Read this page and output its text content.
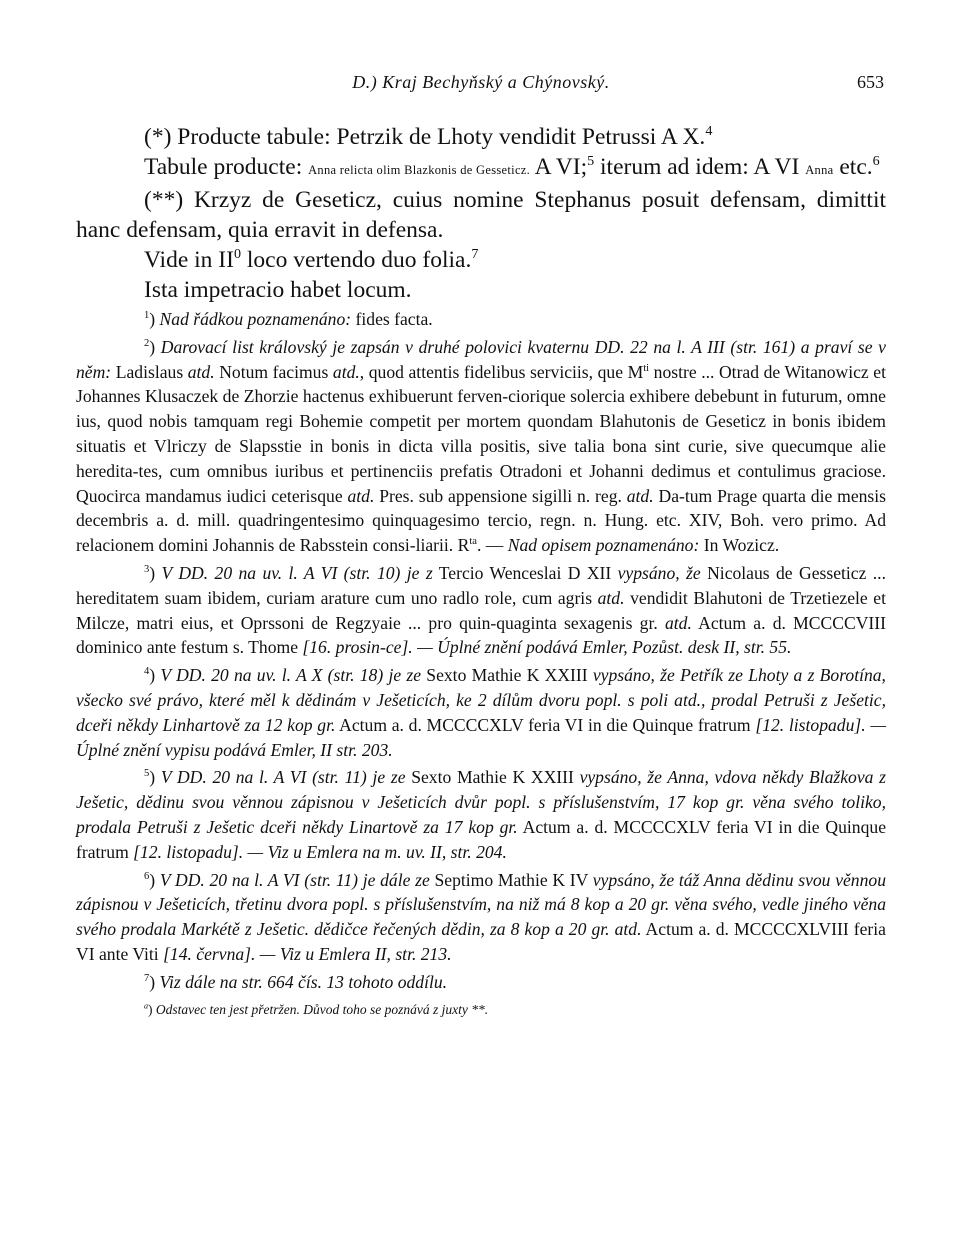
D.) Kraj Bechyňský a Chýnovský.	653

(*) Producte tabule: Petrzik de Lhoty vendidit Petrussi A X.$^4$

Tabule producte: Anna relicta olim Blazkonis de Gesseticz. A VI;$^5$ iterum ad idem: A VI Anna etc.$^6$

(**) Krzyz de Geseticz, cuius nomine Stephanus posuit defensam, dimittit hanc defensam, quia erravit in defensa.

Vide in $II^0$ loco vertendo duo folia.$^7$

Ista impetracio habet locum.

$^1$) Nad řádkou poznamenáno: fides facta.

$^2$) Darovací list královský je zapsán v druhé polovici kvaternu DD. 22 na l. A III (str. 161) a praví se v něm: Ladislaus atd. Notum facimus atd., quod attentis fidelibus serviciis, que $M^{ti}$ nostre ... Otrad de Witanowicz et Johannes Klusaczek de Zhorzie hactenus exhibuerunt ferven-ciorique solercia exhibere debebunt in futurum, omne ius, quod nobis tamquam regi Bohemie competit per mortem quondam Blahutonis de Geseticz in bonis ibidem situatis et Vlriczy de Slapsstie in bonis in dicta villa positis, sive talia bona sint curie, sive quecumque alie heredita-tes, cum omnibus iuribus et pertinenciis prefatis Otradoni et Johanni dedimus et contulimus graciose. Quocirca mandamus iudici ceterisque atd. Pres. sub appensione sigilli n. reg. atd. Da-tum Prage quarta die mensis decembris a. d. mill. quadringentesimo quinquagesimo tercio, regn. n. Hung. etc. XIV, Boh. vero primo. Ad relacionem domini Johannis de Rabsstein consi-liarii. $R^{ta}$. — Nad opisem poznamenáno: In Wozicz.

$^3$) V DD. 20 na uv. l. A VI (str. 10) je z Tercio Wenceslai D XII vypsáno, že Nicolaus de Gesseticz ... hereditatem suam ibidem, curiam arature cum uno radlo role, cum agris atd. vendidit Blahutoni de Trzetiezele et Milcze, matri eius, et Oprssoni de Regzyaie ... pro quin-quaginta sexagenis gr. atd. Actum a. d. MCCCCVIII dominico ante festum s. Thome [16. prosin-ce]. — Úplné znění podává Emler, Pozůst. desk II, str. 55.

$^4$) V DD. 20 na uv. l. A X (str. 18) je ze Sexto Mathie K XXIII vypsáno, že Petřík ze Lhoty a z Borotína, všecko své právo, které měl k dědinám v Ješeticích, ke 2 dílům dvoru popl. s poli atd., prodal Petruši z Ješetic, dceři někdy Linhartově za 12 kop gr. Actum a. d. MCCCCXLV feria VI in die Quinque fratrum [12. listopadu]. — Úplné znění vypisu podává Emler, II str. 203.

$^5$) V DD. 20 na l. A VI (str. 11) je ze Sexto Mathie K XXIII vypsáno, že Anna, vdova někdy Blažkova z Ješetic, dědinu svou věnnou zápisnou v Ješeticích dvůr popl. s příslušenstvím, 17 kop gr. věna svého toliko, prodala Petruši z Ješetic dceři někdy Linartově za 17 kop gr. Actum a. d. MCCCCXLV feria VI in die Quinque fratrum [12. listopadu]. — Viz u Emlera na m. uv. II, str. 204.

$^6$) V DD. 20 na l. A VI (str. 11) je dále ze Septimo Mathie K IV vypsáno, že táž Anna dědinu svou věnnou zápisnou v Ješeticích, třetinu dvora popl. s příslušenstvím, na niž má 8 kop a 20 gr. věna svého, vedle jiného věna svého prodala Markétě z Ješetic. dědičce řečených dědin, za 8 kop a 20 gr. atd. Actum a. d. MCCCCXLVIII feria VI ante Viti [14. června]. — Viz u Emlera II, str. 213.

$^7$) Viz dále na str. 664 čís. 13 tohoto oddílu.

$^a$) Odstavec ten jest přetržen. Důvod toho se poznává z juxty **.
